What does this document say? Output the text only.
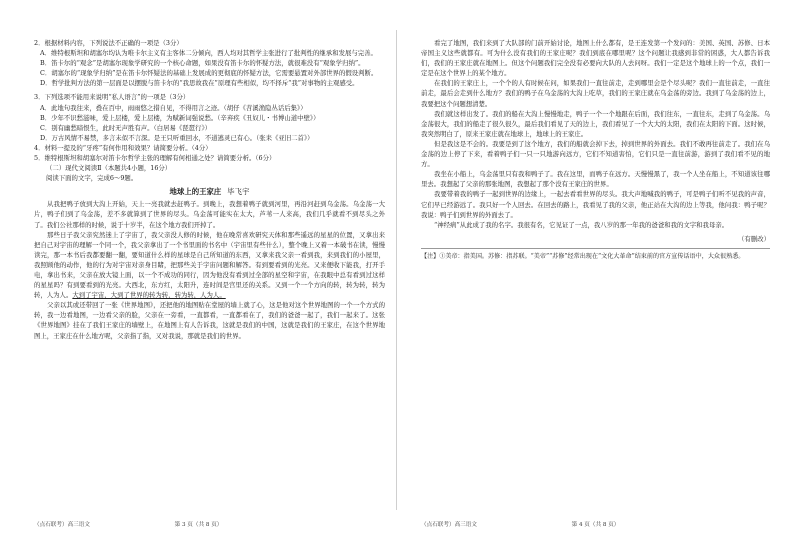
2．根据材料内容，下列说法不正确的一项是（3分）

A．维特根斯坦和胡塞尔均认为唯卡尔主义有主客体二分倾向，西人均对其哲学主张进行了批判性的继承和发展与完善。

B．笛卡尔的“观念”是胡塞尔现象学研究的一个核心命题，如果没有笛卡尔的怀疑方法，就很难没有“观象学归纳”。

C．胡塞尔的“现象学归纳”是在笛卡尔怀疑法的基础上发展成的更彻底的怀疑方法，它需要悬置对外部世界的假设判断。

D．哲学批判方法的第一层面是以摆脱与笛卡尔的“我思故我在”原理有些相似，均不择斥“我”对事物的主观感受。

3．下列选项不能用来说明“私人语言”的一项是（3分）

A．此地句我往来，叠在百中，雨雨悠之措自见，不得用言之迹。（胡仔《苕溪渔隐丛话后集》）

B．少年不识愁滋味，爱上层楼，爱上层楼，为赋新词强说愁。（辛弃疾《丑奴儿・书博山道中壁》）

C．别有幽愁暗恨生，此时无声胜有声。（白居易《琵琶行》）

D．万古风情不易禁，多言未似不言深。是王只听重回水，不道逃灵已有心。（张耒《亚旧二首》）

4．材料一提及的“牙疼”有何作用和效果？请简要分析。（4分）

5．维特根斯坦和胡塞尔对笛卡尔哲学主张的理解有何相通之处？请简要分析。（6分）

（二）现代文阅读Ⅱ（本题共4小题，16分）

阅读下面的文字，完成6～9题。

地球上的王家庄 毕飞宇

从我把鸭子放到大沟上开始，天上一亮我就去赶鸭子。到晚上，我想着鸭子就到河里，再沿河赶到乌金荡。乌金荡一大片，鸭子们到了乌金荡，差不多就算到了世界的尽头。乌金荡可能实在太大，芦苇一人来高，我们几乎就看不到尽头之外了。我们公社那样的时候，说于十岁半，在这个地方我们开掉了。

那些日子我父亲究然迷上了宇宙了，我父亲没人修的时候，他在晚常喜欢研究天体和那些遥远的星星的位置，又拿出来把自己对宇宙的理解一个同一个，我父亲拿出了一个书里面的书名中（宇宙里有些什么），整个晚上又着一本破书在读，慢慢读完，那一本书后我都要翻一翻，要知道什么样的星球是自己所知道的东西，又拿来我父亲一看到我，来到我们的小屋里，我照顾他的动作，他的行为对宇宙对亲身目睹，把那些关于宇宙问题和解答。有到要看到的光亮。又来便收下能我，打开手电，拿出书来，父亲在放大镜上面，以一个不成功的同行，因为他没有看到过全部的星空和宇宙，在我眼中总有看到过这样的星星吗？有到要看到的光亮。大西北，东方红，太阳升，连时间是宫里还的关系。又到一个一个方向的转，转为转，转为转，人为人。大到了宇宙，大到了世界的转为转，转为转，人为人。

父亲以其或还带回了一张《世界地图》，还把他的地图贴在堂屋的墙上就了心，这是他对这个世界地图的一个一个方式的转，我一边看地图，一边看父亲的脸，父亲在一旁看，一直都看，一直都看在了，我们的爸爸一起了，我们一起来了。这张《世界地图》挂在了我们王家庄的墙壁上，在地图上有人告诉我，这就是我们的中国，这就是我们的王家庄，在这个世界地图上，王家庄在什么地方呢，父亲指了指，又对我说，那就是我们的世界。

（点石联考）高三语文	第 3 页（共 8 页）

看完了地图，我们来到了大队部的门前开始讨论，地图上什么都有，是王连发第一个发问的：美国、英国、苏修、日本帝国主义这些就都有。可为什么没有我们的王家庄呢？我们到底在哪里呢？这个问题让我感到非常的困惑，大人都告诉我们，我们的王家庄就在地图上。但这个问题我们完全没有必要向大队的人去问呀。我们一定是这个地球上的一个点，我们一定是在这个世界上的某个地方。

在我们的王家庄上，一个个的人有时候在问，如果我们一直往前走，走到哪里会是个尽头呢？我们一直往前走，一直往前走，最后会走到什么地方？我们的鸭子在乌金荡的大沟上吃草，我们的王家庄就在乌金荡的旁边。我到了乌金荡的边上，我要把这个问题想清楚。

我们就这样出发了。我们的船在大沟上慢慢地走，鸭子一个一个地跟在后面，我们往东，一直往东，走到了乌金荡。乌金荡很大，我们的船走了很久很久，最后我们看见了天的边上，我们看见了一个大大的太阳，我们在太阳的下面。这时候，我突然明白了，原来王家庄就在地球上，地球上的王家庄。

但是我这是不会的。我要是到了这个地方，我们的船就会掉下去，掉到世界的外面去。我们不敢再往前走了。我们在乌金荡的边上停了下来，看着鸭子们一只一只地游向远方，它们不知道害怕，它们只是一直往前游，游到了我们看不见的地方。

我坐在小船上，乌金荡里只有我和鸭子了。我在这里，而鸭子在远方。天慢慢黑了，我一个人坐在船上，不知道该往哪里去。我想起了父亲的那张地图，我想起了那个没有王家庄的世界。

我要带着我的鸭子一起到世界的边缘上，一起去看看世界的尽头。我大声地喊我的鸭子，可是鸭子们听不见我的声音，它们早已经游远了。我只好一个人回去。在回去的路上，我看见了我的父亲，他正站在大沟的边上等我，他问我：鸭子呢？我说：鸭子们到世界的外面去了。

“神经病”从此成了我的名字。我很有名，它见证了一点，我八岁的那一年我的爸爸和我的文字和我母亲。

（有删改）

【注】①美帝：指美国。苏修：指苏联。“美帝”“苏修”经常出现在“文化大革命”结束前的官方宣传话语中，大众很熟悉。

（点石联考）高三语文	第 4 页（共 8 页）
